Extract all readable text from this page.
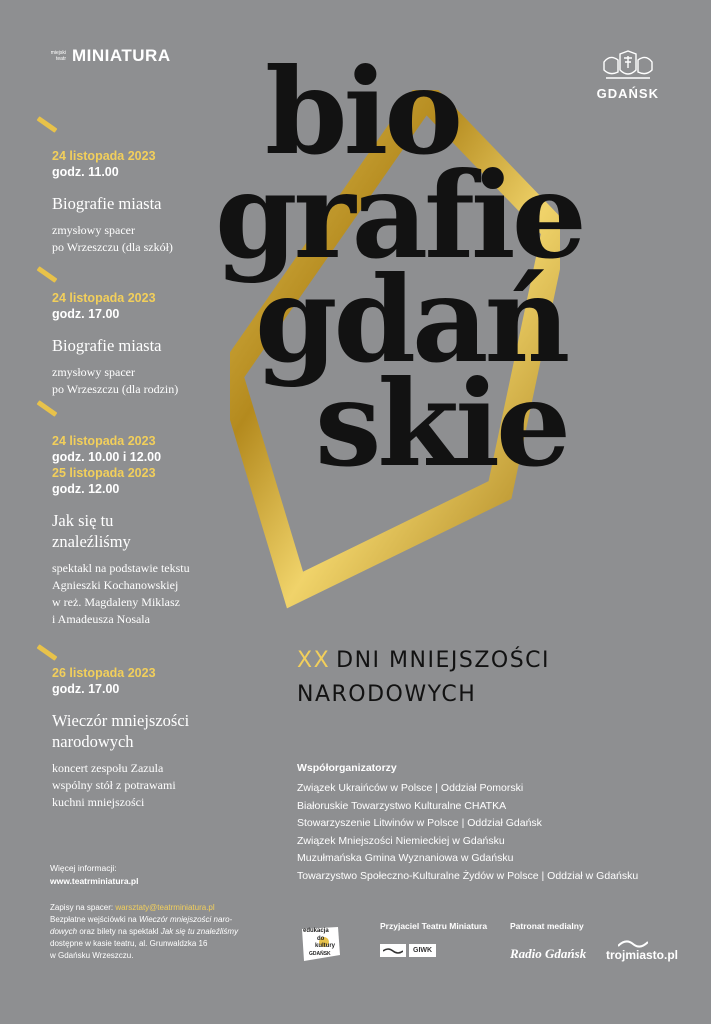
miejski
teatr MINIATURA
GDAŃSK
bio
grafie
gdań
skie
XX DNI MNIEJSZOŚCI
NARODOWYCH
24 listopada 2023
godz. 11.00
Biografie miasta
zmysłowy spacer
po Wrzeszczu (dla szkół)
24 listopada 2023
godz. 17.00
Biografie miasta
zmysłowy spacer
po Wrzeszczu (dla rodzin)
24 listopada 2023
godz. 10.00 i 12.00
25 listopada 2023
godz. 12.00
Jak się tu
znaleźliśmy
spektakl na podstawie tekstu
Agnieszki Kochanowskiej
w reż. Magdaleny Miklasz
i Amadeusza Nosala
26 listopada 2023
godz. 17.00
Wieczór mniejszości
narodowych
koncert zespołu Zazula
wspólny stół z potrawami
kuchni mniejszości
Współorganizatorzy
Związek Ukraińców w Polsce | Oddział Pomorski
Białoruskie Towarzystwo Kulturalne CHATKA
Stowarzyszenie Litwinów w Polsce | Oddział Gdańsk
Związek Mniejszości Niemieckiej w Gdańsku
Muzułmańska Gmina Wyznaniowa w Gdańsku
Towarzystwo Społeczno-Kulturalne Żydów w Polsce | Oddział w Gdańsku
Więcej informacji:
www.teatrminiatura.pl
Zapisy na spacer: warsztaty@teatrminiatura.pl
Bezpłatne wejściówki na Wieczór mniejszości naro-
dowych oraz bilety na spektakl Jak się tu znaleźliśmy
dostępne w kasie teatru, al. Grunwaldzka 16
w Gdańsku Wrzeszczu.
edukacja
do
kultury
GDAŃSK
Przyjaciel Teatru Miniatura
GIWK
Patronat medialny
Radio Gdańsk trojmiasto.pl
